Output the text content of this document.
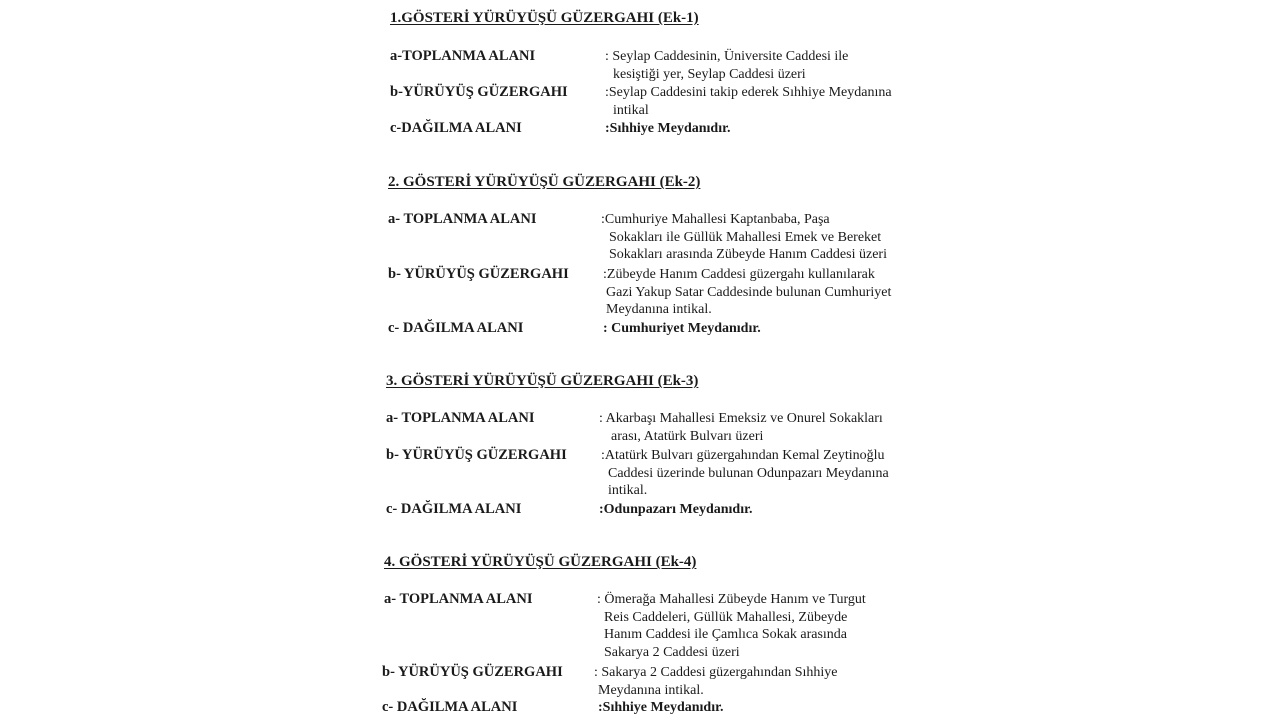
1.GÖSTERİ YÜRÜYÜŞÜ GÜZERGAHI (Ek-1)

a-TOPLANMA ALANI	: Seylap Caddesinin, Üniversite Caddesi ile
kesiştiği yer, Seylap Caddesi üzeri
b-YÜRÜYÜŞ GÜZERGAHI	:Seylap Caddesini takip ederek Sıhhiye Meydanına
intikal
c-DAĞILMA ALANI	:Sıhhiye Meydanıdır.

2. GÖSTERİ YÜRÜYÜŞÜ GÜZERGAHI (Ek-2)

a- TOPLANMA ALANI	:Cumhuriye Mahallesi Kaptanbaba, Paşa
Sokakları ile Güllük Mahallesi Emek ve Bereket
Sokakları arasında Zübeyde Hanım Caddesi üzeri
b- YÜRÜYÜŞ GÜZERGAHI :Zübeyde Hanım Caddesi güzergahı kullanılarak
Gazi Yakup Satar Caddesinde bulunan Cumhuriyet
Meydanına intikal.
c- DAĞILMA ALANI	: Cumhuriyet Meydanıdır.

3. GÖSTERİ YÜRÜYÜŞÜ GÜZERGAHI (Ek-3)

a- TOPLANMA ALANI	: Akarbaşı Mahallesi Emeksiz ve Onurel Sokakları
arası, Atatürk Bulvarı üzeri
b- YÜRÜYÜŞ GÜZERGAHI :Atatürk Bulvarı güzergahından Kemal Zeytinoğlu
Caddesi üzerinde bulunan Odunpazarı Meydanına
intikal.
c- DAĞILMA ALANI	:Odunpazarı Meydanıdır.

4. GÖSTERİ YÜRÜYÜŞÜ GÜZERGAHI (Ek-4)

a- TOPLANMA ALANI	: Ömerağa Mahallesi Zübeyde Hanım ve Turgut
Reis Caddeleri, Güllük Mahallesi, Zübeyde
Hanım Caddesi ile Çamlıca Sokak arasında
Sakarya 2 Caddesi üzeri
b- YÜRÜYÜŞ GÜZERGAHI : Sakarya 2 Caddesi güzergahından Sıhhiye
Meydanına intikal.
c- DAĞILMA ALANI	:Sıhhiye Meydanıdır.
